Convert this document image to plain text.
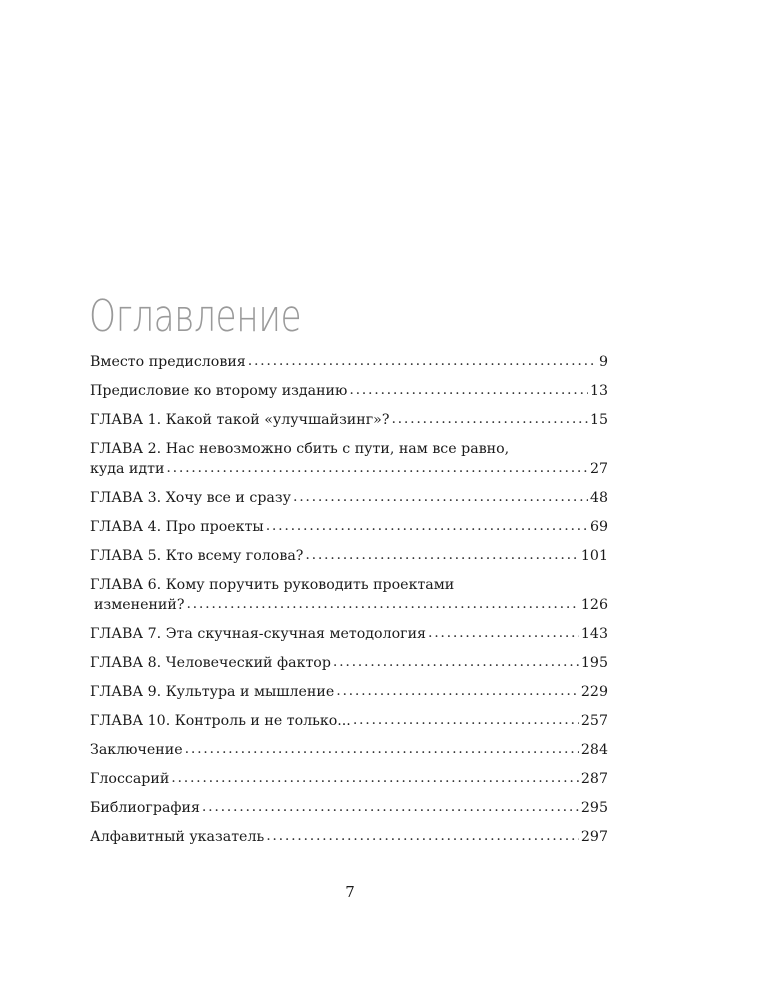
Оглавление
Вместо предисловия . . .	9
Предисловие ко второму изданию . . .	13
ГЛАВА 1. Какой такой «улучшайзинг»? . . .	15
ГЛАВА 2. Нас невозможно сбить с пути, нам все равно,
куда идти . . .	27
ГЛАВА 3. Хочу все и сразу . . .	48
ГЛАВА 4. Про проекты . . .	69
ГЛАВА 5. Кто всему голова? . . .	101
ГЛАВА 6. Кому поручить руководить проектами
изменений? . . .	126
ГЛАВА 7. Эта скучная-скучная методология . . .	143
ГЛАВА 8. Человеческий фактор . . .	195
ГЛАВА 9. Культура и мышление . . .	229
ГЛАВА 10. Контроль и не только... . . .	257
Заключение . . .	284
Глоссарий . . .	287
Библиография . . .	295
Алфавитный указатель . . .	297
7
